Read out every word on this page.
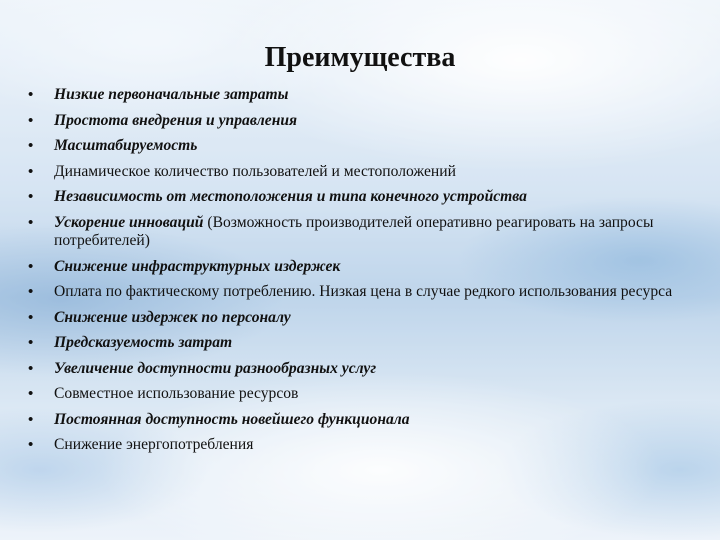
Преимущества
• Низкие первоначальные затраты
• Простота внедрения и управления
• Масштабируемость
• Динамическое количество пользователей и местоположений
• Независимость от местоположения и типа конечного устройства
• Ускорение инноваций (Возможность производителей оперативно реагировать на запросы потребителей)
• Снижение инфраструктурных издержек
• Оплата по фактическому потреблению. Низкая цена в случае редкого использования ресурса
• Снижение издержек по персоналу
• Предсказуемость затрат
• Увеличение доступности разнообразных услуг
• Совместное использование ресурсов
• Постоянная доступность новейшего функционала
• Снижение энергопотребления
